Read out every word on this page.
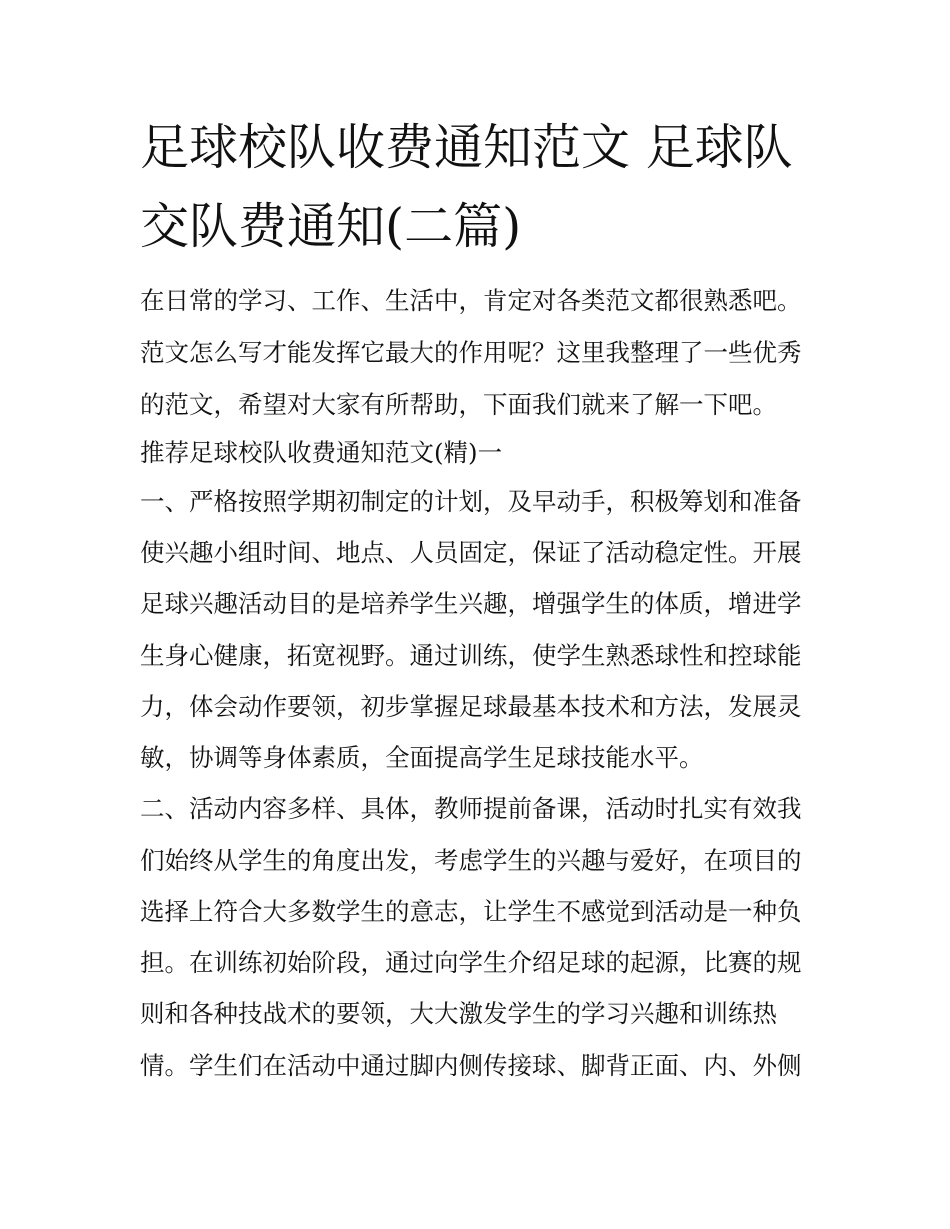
足球校队收费通知范文 足球队
交队费通知(二篇)

在日常的学习、工作、生活中，肯定对各类范文都很熟悉吧。

范文怎么写才能发挥它最大的作用呢？这里我整理了一些优秀

的范文，希望对大家有所帮助，下面我们就来了解一下吧。

推荐足球校队收费通知范文(精)一

一、严格按照学期初制定的计划，及早动手，积极筹划和准备

使兴趣小组时间、地点、人员固定，保证了活动稳定性。开展

足球兴趣活动目的是培养学生兴趣，增强学生的体质，增进学

生身心健康，拓宽视野。通过训练，使学生熟悉球性和控球能

力，体会动作要领，初步掌握足球最基本技术和方法，发展灵

敏，协调等身体素质，全面提高学生足球技能水平。

二、活动内容多样、具体，教师提前备课，活动时扎实有效我

们始终从学生的角度出发，考虑学生的兴趣与爱好，在项目的

选择上符合大多数学生的意志，让学生不感觉到活动是一种负

担。在训练初始阶段，通过向学生介绍足球的起源，比赛的规

则和各种技战术的要领，大大激发学生的学习兴趣和训练热

情。学生们在活动中通过脚内侧传接球、脚背正面、内、外侧
